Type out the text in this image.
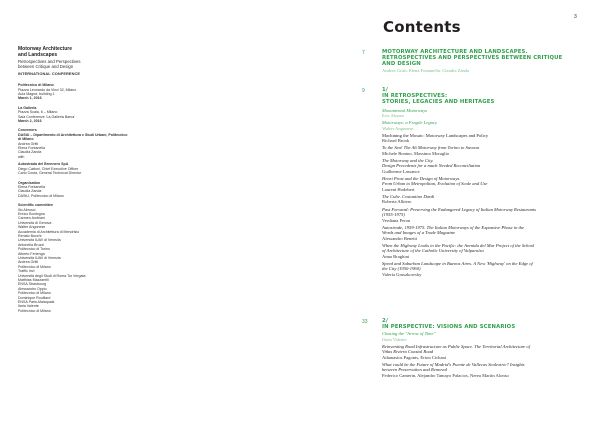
3
Contents
Motorway Architecture
and Landscapes
Retrospectives and Perspectives
between Critique and Design
INTERNATIONAL CONFERENCE
Politecnico di Milano
Piazza Leonardo da Vinci 32, Milano
Aula Magna, building 1
March 1, 2016
La Galleria
Piazza Scala, 6 – Milano
Sala Conferenze 'La Galleria Barca'
March 2, 2016
Convenors
DAStU – Dipartimento di Architettura e Studi Urbani, Politecnico di Milano
Andrea Gritti
Elena Fontanella
Claudia Zanda
with
Autostrada del Brennero SpA
Diego Cattoni, Chief Executive Officer
Carlo Costa, General Technical Director
Organisation
Elena Fontanella
Claudia Zanda
DAStU, Politecnico di Milano
Scientific committee
Ilio Abrusci
Enrico Bordogna
Carmen Andriani
Università di Genova
Walter Angonese
Accademia di Architettura di Mendrisio
Renato Bocchi
Università IUAV di Venezia
Antonella Bruzzi
Politecnico di Torino
Alberto Ferlenga
Università IUAV di Venezia
Andrea Gritti
Politecnico di Milano
Traffic Invi
Università degli Studi di Roma Tor Vergata
Matthias Mazzarelli
ENSA Strasbourg
Alessandro Oppio
Politecnico di Milano
Dominique Rouillard
ENSA Paris-Malaquais
Ilaria Valente
Politecnico di Milano
7	MOTORWAY ARCHITECTURE AND LANDSCAPES.
RETROSPECTIVES AND PERSPECTIVES BETWEEN CRITIQUE
AND DESIGN
Andrea Gritti, Elena Fontanella, Claudia Zanda
9	1/
IN RETROSPECTIVES:
STORIES, LEGACIES AND HERITAGES
Monumental Motorways
Eric Alonzo
Motorways: a Fragile Legacy
Walter Angonese
Machining the Mosaic: Motorway Landscapes and Policy
Richard Brook
To the Sea! The A6 Motorway from Torino to Savona
Michele Bonino, Massimo Moraglio
The Motorway and the City.
Design Precedents for a much Needed Reconciliation
Guilherme Lassance
Henri Prost and the Design of Motorways.
From Urban to Metropolitan, Evolution of Scale and Use
Laurent Hodebert
The Cube. Costantino Dardi
Roberta Albiero
Past Forward: Preserving the Endangered Legacy of Italian Motorway Restaurants
(1955-1975)
Verdiana Peron
Autostrade, 1959-1975. The Italian Motorways of the Expansive Phase in the
Words and Images of a Trade Magazine
Alessandro Benetti
When the Highway Looks to the Pacific: the Avenida del Mar Project of the School
of Architecture of the Catholic University of Valparaíso
Anna Braghini
Speed and Suburban Landscape in Buenos Aires. A New 'Highway' on the Edge of
the City (1950-1960)
Valeria Gruszkowsky
33	2/
IN PERSPECTIVE: VISIONS AND SCENARIOS
Chasing the "Arrow of Time"
Ilaria Valente
Reinventing Road Infrastructure as Public Space. The Territorial Architecture of
Viñas Riviera Coastal Road
Athanasios Pagonis, Erion Cichani
What could be the Future of Madrid's Puente de Vallecas Scalextric? Insights
between Preservation and Removal
Federico Camerin, Alejandro Tamayo Palacios, Nerea Martín Alonso
